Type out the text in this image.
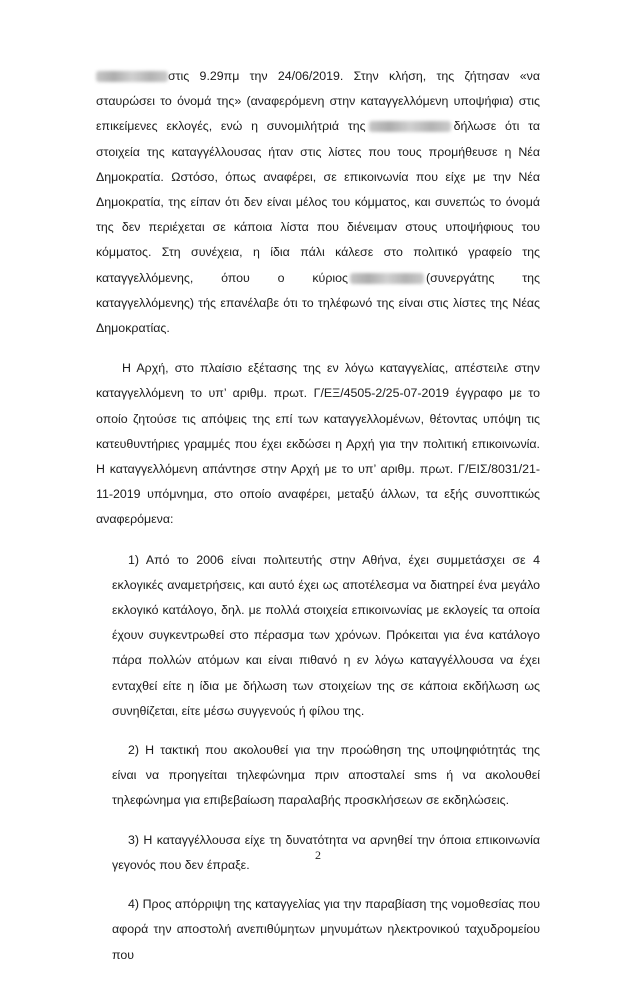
στις 9.29πμ την 24/06/2019. Στην κλήση, της ζήτησαν «να σταυρώσει το όνομά της» (αναφερόμενη στην καταγγελλόμενη υποψήφια) στις επικείμενες εκλογές, ενώ η συνομιλήτριά της	δήλωσε ότι τα στοιχεία της καταγγέλλουσας ήταν στις λίστες που τους προμήθευσε η Νέα Δημοκρατία. Ωστόσο, όπως αναφέρει, σε επικοινωνία που είχε με την Νέα Δημοκρατία, της είπαν ότι δεν είναι μέλος του κόμματος, και συνεπώς το όνομά της δεν περιέχεται σε κάποια λίστα που διένειμαν στους υποψήφιους του κόμματος. Στη συνέχεια, η ίδια πάλι κάλεσε στο πολιτικό γραφείο της καταγγελλόμενης, όπου ο κύριος	(συνεργάτης της καταγγελλόμενης) τής επανέλαβε ότι το τηλέφωνό της είναι στις λίστες της Νέας Δημοκρατίας.

Η Αρχή, στο πλαίσιο εξέτασης της εν λόγω καταγγελίας, απέστειλε στην καταγγελλόμενη το υπ’ αριθμ. πρωτ. Γ/ΕΞ/4505-2/25-07-2019 έγγραφο με το οποίο ζητούσε τις απόψεις της επί των καταγγελλομένων, θέτοντας υπόψη τις κατευθυντήριες γραμμές που έχει εκδώσει η Αρχή για την πολιτική επικοινωνία. Η καταγγελλόμενη απάντησε στην Αρχή με το υπ’ αριθμ. πρωτ. Γ/ΕΙΣ/8031/21-11-2019 υπόμνημα, στο οποίο αναφέρει, μεταξύ άλλων, τα εξής συνοπτικώς αναφερόμενα:

1) Από το 2006 είναι πολιτευτής στην Αθήνα, έχει συμμετάσχει σε 4 εκλογικές αναμετρήσεις, και αυτό έχει ως αποτέλεσμα να διατηρεί ένα μεγάλο εκλογικό κατάλογο, δηλ. με πολλά στοιχεία επικοινωνίας με εκλογείς τα οποία έχουν συγκεντρωθεί στο πέρασμα των χρόνων. Πρόκειται για ένα κατάλογο πάρα πολλών ατόμων και είναι πιθανό η εν λόγω καταγγέλλουσα να έχει ενταχθεί είτε η ίδια με δήλωση των στοιχείων της σε κάποια εκδήλωση ως συνηθίζεται, είτε μέσω συγγενούς ή φίλου της.

2) Η τακτική που ακολουθεί για την προώθηση της υποψηφιότητάς της είναι να προηγείται τηλεφώνημα πριν αποσταλεί sms ή να ακολουθεί τηλεφώνημα για επιβεβαίωση παραλαβής προσκλήσεων σε εκδηλώσεις.

3) Η καταγγέλλουσα είχε τη δυνατότητα να αρνηθεί την όποια επικοινωνία γεγονός που δεν έπραξε.

4) Προς απόρριψη της καταγγελίας για την παραβίαση της νομοθεσίας που αφορά την αποστολή ανεπιθύμητων μηνυμάτων ηλεκτρονικού ταχυδρομείου που

2
